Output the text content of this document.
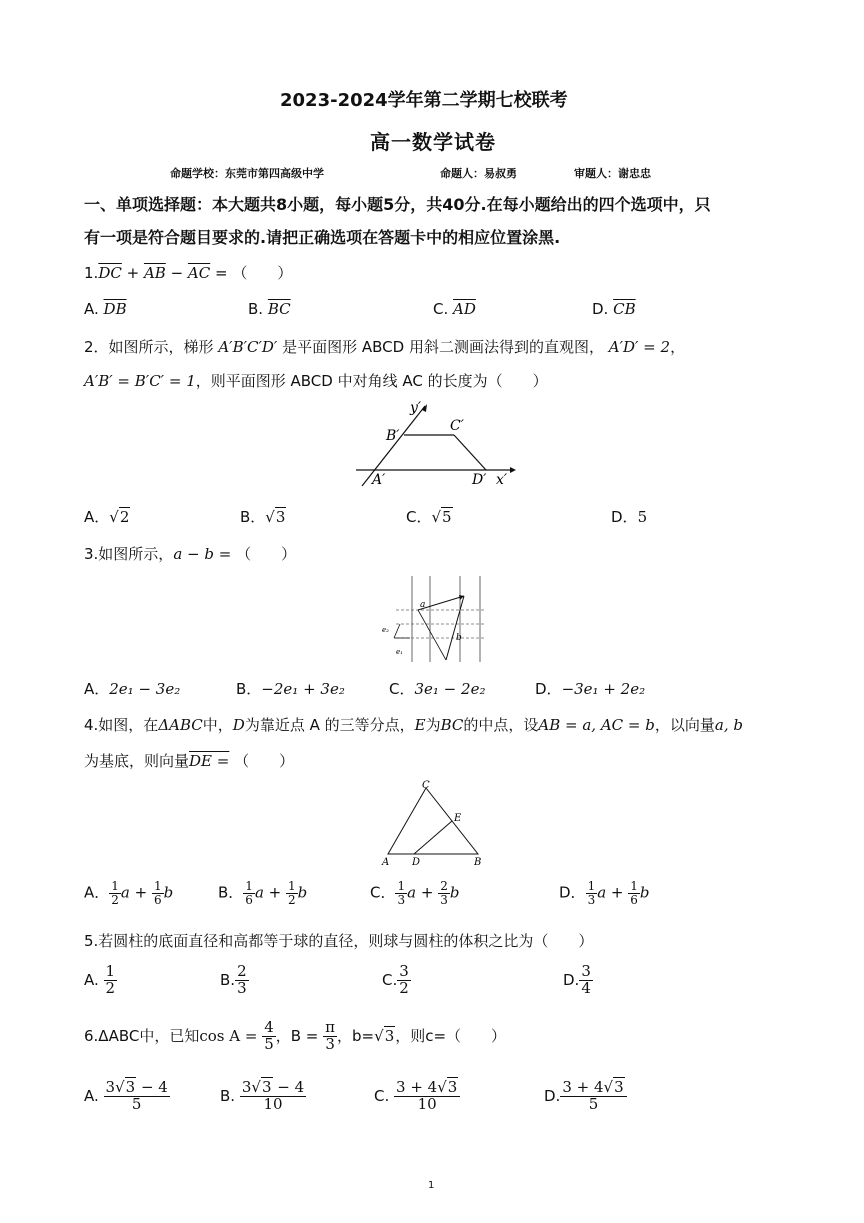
2023-2024学年第二学期七校联考
高一数学试卷
命题学校：东莞市第四高级中学	命题人：易叔勇	审题人：谢忠忠
一、单项选择题：本大题共8小题，每小题5分，共40分.在每小题给出的四个选项中，只
有一项是符合题目要求的.请把正确选项在答题卡中的相应位置涂黑.
$1.\overline{DC} + \overline{AB} - \overline{AC}$ = （　　）
A. $\overline{DB}$	B. $\overline{BC}$	C. $\overline{AD}$	D. $\overline{CB}$
2．如图所示，梯形 A′B′C′D′ 是平面图形 ABCD 用斜二测画法得到的直观图， A′D′ = 2，
A′B′ = B′C′ = 1，则平面图形 ABCD 中对角线 AC 的长度为（　　）
y′
B′
C′
A′	D′ x′
A．√2	B．√3	C．√5	D．5
3.如图所示，a − b = （　　）
a
b
e₂
e₁
A．2e₁ − 3e₂	B．−2e₁ + 3e₂	C．3e₁ − 2e₂	D．−3e₁ + 2e₂
4.如图，在ΔABC中，D为靠近点 A 的三等分点，E为BC的中点，设AB = a, AC = b，以向量a, b
为基底，则向量DE = （　　）
C
E
A D	B
A． $\frac{1}{2}$ $a + \frac{1}{6}$ b	B． $\frac{1}{6}$ $a + \frac{1}{2}$ b	C． $\frac{1}{3}$ $a + \frac{2}{3}$ b	D． $\frac{1}{3}$ $a + \frac{1}{6}$ b
5.若圆柱的底面直径和高都等于球的直径，则球与圆柱的体积之比为（　　）
A. $\frac{1}{2}$	B. $\frac{2}{3}$	C. $\frac{3}{2}$	D. $\frac{3}{4}$
6.ΔABC中，已知$\cos A = \frac{4}{5}$ ，$B = \frac{\pi}{3}$ ，b=√3，则c=（　　）
A. $\frac{3√3 - 4}{5}$	B. $\frac{3√3 - 4}{10}$	C. $\frac{3 + 4√3}{10}$	D. $\frac{3 + 4√3}{5}$
1
